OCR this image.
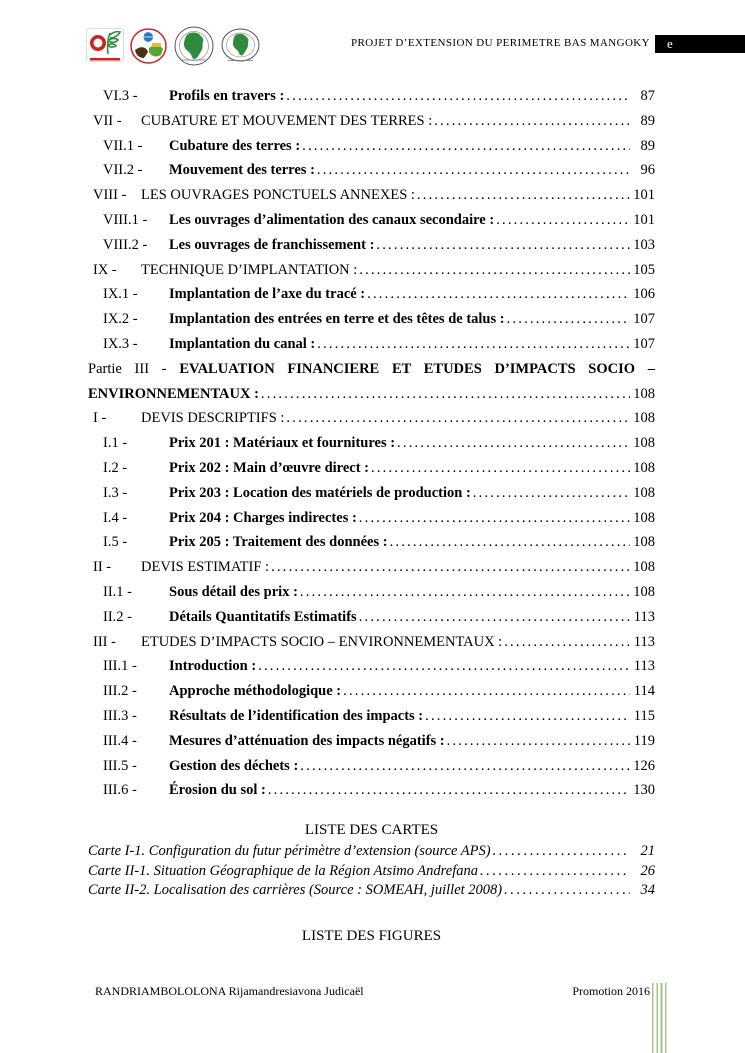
PROJET D’EXTENSION DU PERIMETRE BAS MANGOKY	e
VI.3 -	Profils en travers : .....	87
VII -	CUBATURE ET MOUVEMENT DES TERRES : .....	89
VII.1 -	Cubature des terres : .....	89
VII.2 -	Mouvement des terres : .....	96
VIII -	LES OUVRAGES PONCTUELS ANNEXES : .....	101
VIII.1 -	Les ouvrages d’alimentation des canaux secondaire : .....	101
VIII.2 -	Les ouvrages de franchissement : .....	103
IX -	TECHNIQUE D’IMPLANTATION : .....	105
IX.1 -	Implantation de l’axe du tracé : .....	106
IX.2 -	Implantation des entrées en terre et des têtes de talus : .....	107
IX.3 -	Implantation du canal : .....	107
Partie III - EVALUATION FINANCIERE ET ETUDES D’IMPACTS SOCIO –
ENVIRONNEMENTAUX : .....	108
I -	DEVIS DESCRIPTIFS : .....	108
I.1 -	Prix 201 : Matériaux et fournitures : .....	108
I.2 -	Prix 202 : Main d’œuvre direct : .....	108
I.3 -	Prix 203 : Location des matériels de production : .....	108
I.4 -	Prix 204 : Charges indirectes : .....	108
I.5 -	Prix 205 : Traitement des données : .....	108
II -	DEVIS ESTIMATIF : .....	108
II.1 -	Sous détail des prix : .....	108
II.2 -	Détails Quantitatifs Estimatifs .....	113
III -	ETUDES D’IMPACTS SOCIO – ENVIRONNEMENTAUX : .....	113
III.1 -	Introduction : .....	113
III.2 -	Approche méthodologique : .....	114
III.3 -	Résultats de l’identification des impacts : .....	115
III.4 -	Mesures d’atténuation des impacts négatifs : .....	119
III.5 -	Gestion des déchets : .....	126
III.6 -	Érosion du sol : .....	130
LISTE DES CARTES
Carte I-1. Configuration du futur périmètre d’extension (source APS) .....	21
Carte II-1. Situation Géographique de la Région Atsimo Andrefana .....	26
Carte II-2. Localisation des carrières (Source : SOMEAH, juillet 2008) .....	34
LISTE DES FIGURES
RANDRIAMBOLOLONA Rijamandresiavona Judicaël	Promotion 2016
